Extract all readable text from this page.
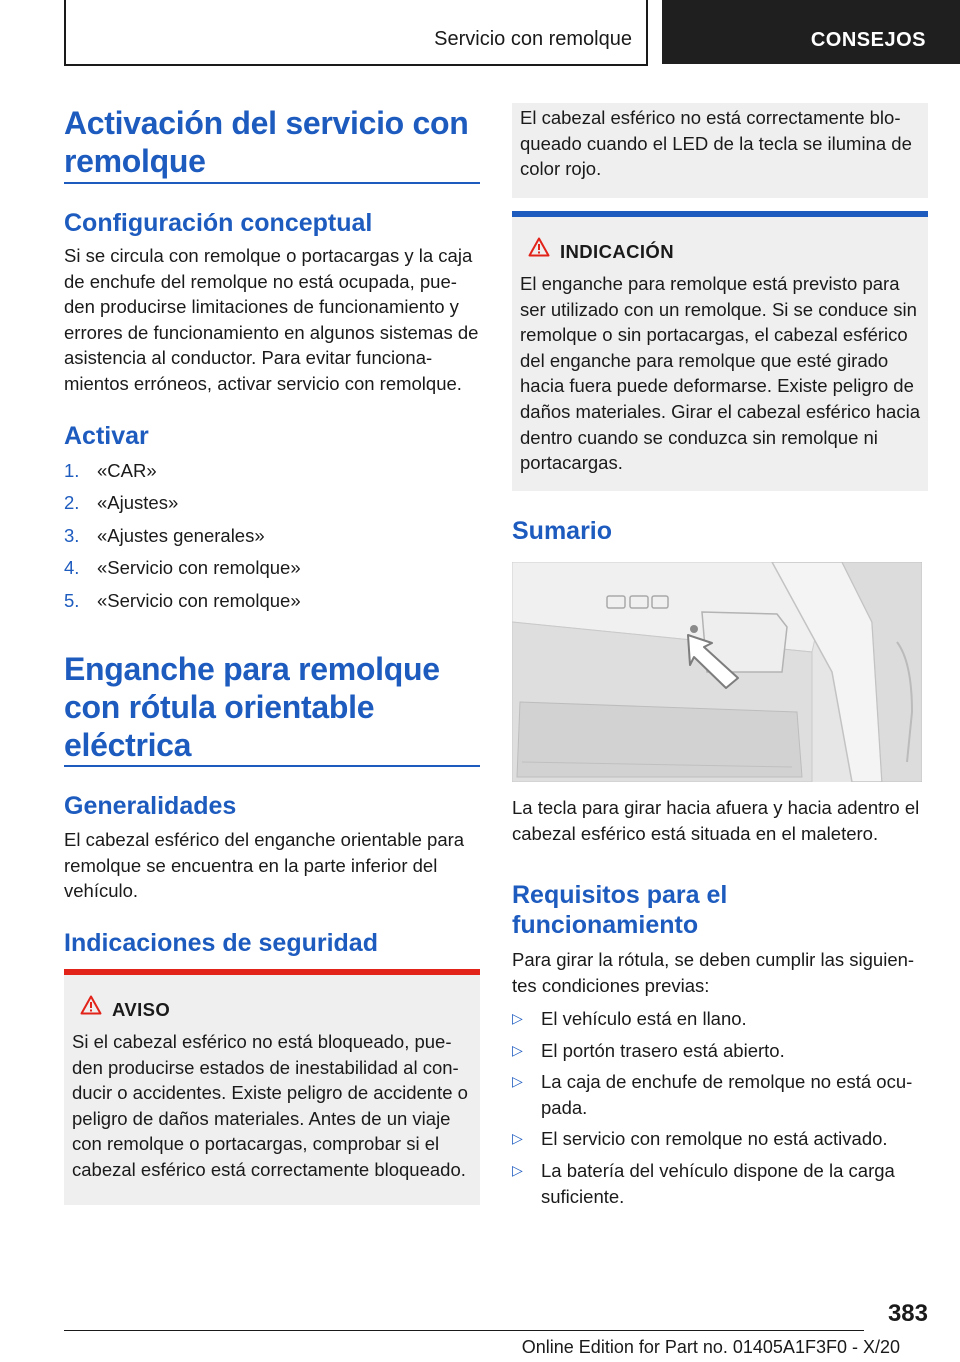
Servicio con remolque	CONSEJOS
Activación del servicio con
remolque
Configuración conceptual
Si se circula con remolque o portacargas y la caja de enchufe del remolque no está ocupada, pueden producirse limitaciones de funcionamiento y errores de funcionamiento en algunos sistemas de asistencia al conductor. Para evitar funcionamientos erróneos, activar servicio con remolque.
Activar
1. «CAR»
2. «Ajustes»
3. «Ajustes generales»
4. «Servicio con remolque»
5. «Servicio con remolque»
Enganche para remolque
con rótula orientable
eléctrica
Generalidades
El cabezal esférico del enganche orientable para remolque se encuentra en la parte inferior del vehículo.
Indicaciones de seguridad
AVISO
Si el cabezal esférico no está bloqueado, pueden producirse estados de inestabilidad al conducir o accidentes. Existe peligro de accidente o peligro de daños materiales. Antes de un viaje con remolque o portacargas, comprobar si el cabezal esférico está correctamente bloqueado.
El cabezal esférico no está correctamente bloqueado cuando el LED de la tecla se ilumina de color rojo.
INDICACIÓN
El enganche para remolque está previsto para ser utilizado con un remolque. Si se conduce sin remolque o sin portacargas, el cabezal esférico del enganche para remolque que esté girado hacia fuera puede deformarse. Existe peligro de daños materiales. Girar el cabezal esférico hacia dentro cuando se conduzca sin remolque ni portacargas.
Sumario
La tecla para girar hacia afuera y hacia adentro el cabezal esférico está situada en el maletero.
Requisitos para el
funcionamiento
Para girar la rótula, se deben cumplir las siguientes condiciones previas:
▷ El vehículo está en llano.
▷ El portón trasero está abierto.
▷ La caja de enchufe de remolque no está ocupada.
▷ El servicio con remolque no está activado.
▷ La batería del vehículo dispone de la carga suficiente.
383
Online Edition for Part no. 01405A1F3F0 - X/20
